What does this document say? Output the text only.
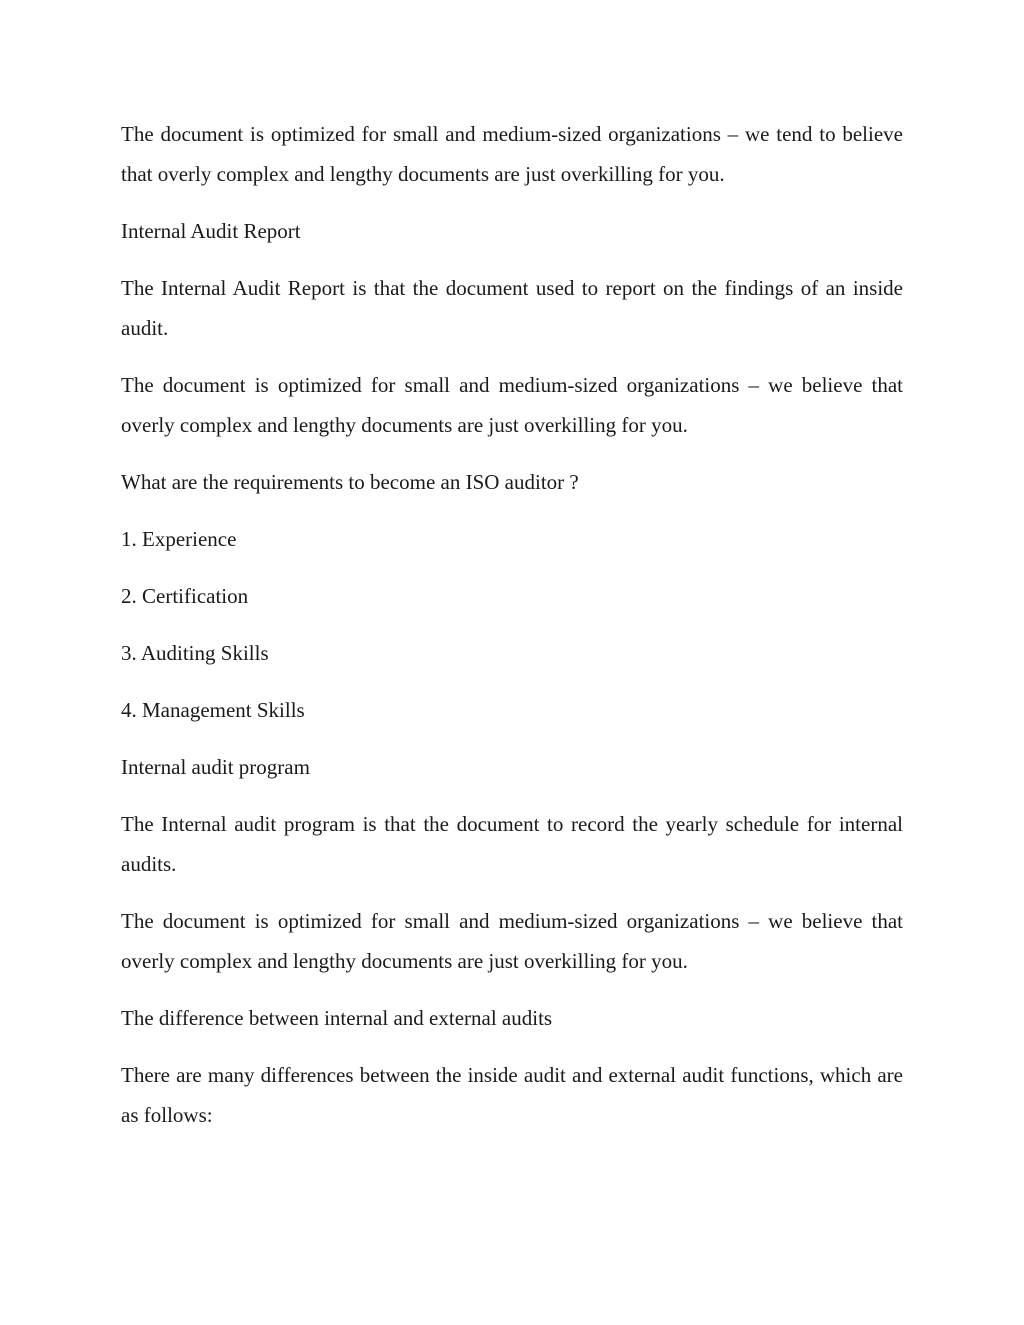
The document is optimized for small and medium-sized organizations – we tend to believe that overly complex and lengthy documents are just overkilling for you.

Internal Audit Report

The Internal Audit Report is that the document used to report on the findings of an inside audit.

The document is optimized for small and medium-sized organizations – we believe that overly complex and lengthy documents are just overkilling for you.

What are the requirements to become an ISO auditor ?

1. Experience

2. Certification

3. Auditing Skills

4. Management Skills

Internal audit program

The Internal audit program is that the document to record the yearly schedule for internal audits.

The document is optimized for small and medium-sized organizations – we believe that overly complex and lengthy documents are just overkilling for you.

The difference between internal and external audits

There are many differences between the inside audit and external audit functions, which are as follows:
